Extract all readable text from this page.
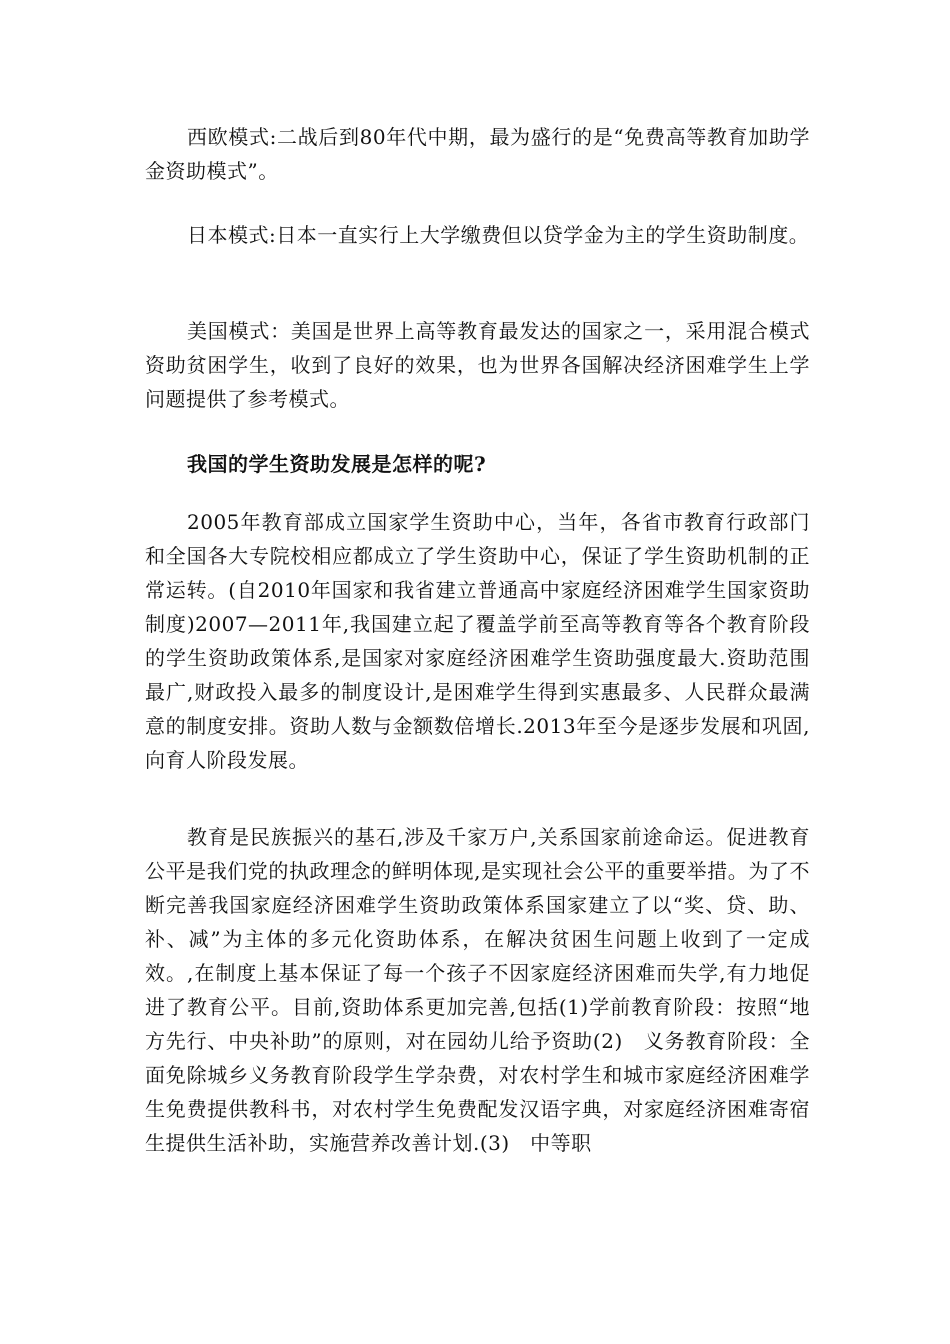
西欧模式:二战后到80年代中期，最为盛行的是“免费高等教育加助学金资助模式”。

日本模式:日本一直实行上大学缴费但以贷学金为主的学生资助制度。

美国模式：美国是世界上高等教育最发达的国家之一，采用混合模式资助贫困学生，收到了良好的效果，也为世界各国解决经济困难学生上学问题提供了参考模式。

我国的学生资助发展是怎样的呢?

2005年教育部成立国家学生资助中心，当年，各省市教育行政部门和全国各大专院校相应都成立了学生资助中心，保证了学生资助机制的正常运转。(自2010年国家和我省建立普通高中家庭经济困难学生国家资助制度)2007—2011年,我国建立起了覆盖学前至高等教育等各个教育阶段的学生资助政策体系,是国家对家庭经济困难学生资助强度最大.资助范围最广,财政投入最多的制度设计,是困难学生得到实惠最多、人民群众最满意的制度安排。资助人数与金额数倍增长.2013年至今是逐步发展和巩固,向育人阶段发展。

教育是民族振兴的基石,涉及千家万户,关系国家前途命运。促进教育公平是我们党的执政理念的鲜明体现,是实现社会公平的重要举措。为了不断完善我国家庭经济困难学生资助政策体系国家建立了以“奖、贷、助、补、减”为主体的多元化资助体系，在解决贫困生问题上收到了一定成效。,在制度上基本保证了每一个孩子不因家庭经济困难而失学,有力地促进了教育公平。目前,资助体系更加完善,包括(1)学前教育阶段：按照“地方先行、中央补助”的原则，对在园幼儿给予资助(2)　义务教育阶段：全面免除城乡义务教育阶段学生学杂费，对农村学生和城市家庭经济困难学生免费提供教科书，对农村学生免费配发汉语字典，对家庭经济困难寄宿生提供生活补助，实施营养改善计划.(3)　中等职
